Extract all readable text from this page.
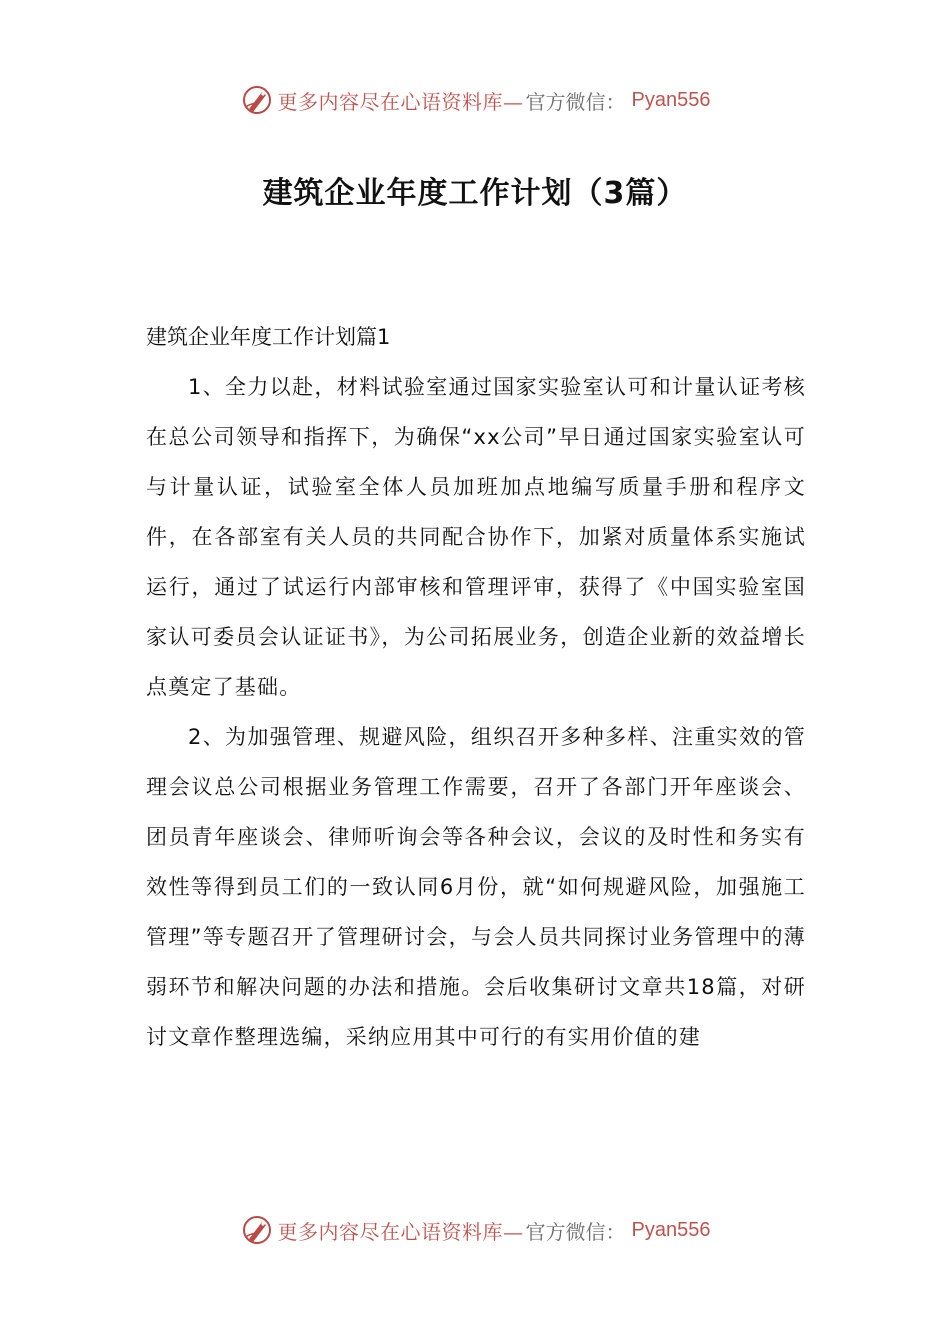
更多内容尽在心语资料库— 官方微信： Pyan556
建筑企业年度工作计划（3篇）

建筑企业年度工作计划篇1

1、全力以赴，材料试验室通过国家实验室认可和计量认证考核在总公司领导和指挥下，为确保“xx公司”早日通过国家实验室认可与计量认证，试验室全体人员加班加点地编写质量手册和程序文件，在各部室有关人员的共同配合协作下，加紧对质量体系实施试运行，通过了试运行内部审核和管理评审，获得了《中国实验室国家认可委员会认证证书》，为公司拓展业务，创造企业新的效益增长点奠定了基础。

2、为加强管理、规避风险，组织召开多种多样、注重实效的管理会议总公司根据业务管理工作需要，召开了各部门开年座谈会、团员青年座谈会、律师听询会等各种会议，会议的及时性和务实有效性等得到员工们的一致认同6月份，就“如何规避风险，加强施工管理”等专题召开了管理研讨会，与会人员共同探讨业务管理中的薄弱环节和解决问题的办法和措施。会后收集研讨文章共18篇，对研讨文章作整理选编，采纳应用其中可行的有实用价值的建

更多内容尽在心语资料库— 官方微信： Pyan556
